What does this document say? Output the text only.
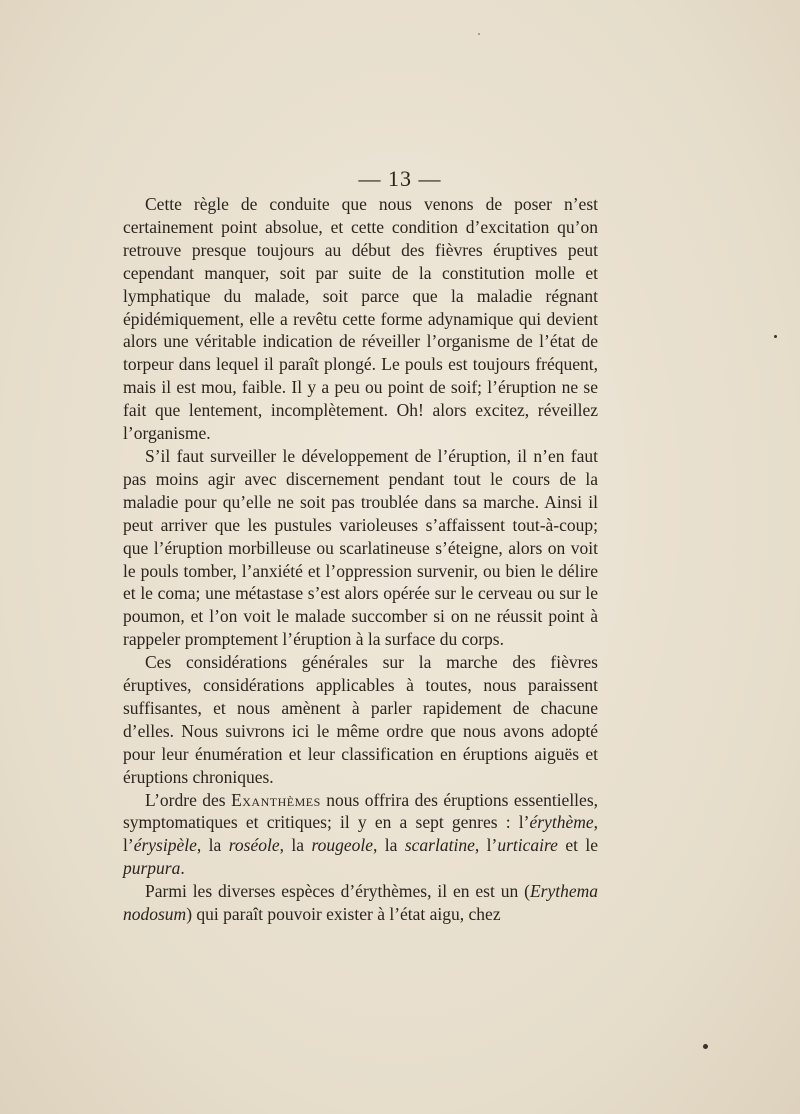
— 13 —

Cette règle de conduite que nous venons de poser n’est certainement point absolue, et cette condition d’excitation qu’on retrouve presque toujours au début des fièvres éruptives peut cependant manquer, soit par suite de la constitution molle et lymphatique du malade, soit parce que la maladie régnant épidémiquement, elle a revêtu cette forme adynamique qui devient alors une véritable indication de réveiller l’organisme de l’état de torpeur dans lequel il paraît plongé. Le pouls est toujours fréquent, mais il est mou, faible. Il y a peu ou point de soif; l’éruption ne se fait que lentement, incomplètement. Oh! alors excitez, réveillez l’organisme.

S’il faut surveiller le développement de l’éruption, il n’en faut pas moins agir avec discernement pendant tout le cours de la maladie pour qu’elle ne soit pas troublée dans sa marche. Ainsi il peut arriver que les pustules varioleuses s’affaissent tout-à-coup; que l’éruption morbilleuse ou scarlatineuse s’éteigne, alors on voit le pouls tomber, l’anxiété et l’oppression survenir, ou bien le délire et le coma; une métastase s’est alors opérée sur le cerveau ou sur le poumon, et l’on voit le malade succomber si on ne réussit point à rappeler promptement l’éruption à la surface du corps.

Ces considérations générales sur la marche des fièvres éruptives, considérations applicables à toutes, nous paraissent suffisantes, et nous amènent à parler rapidement de chacune d’elles. Nous suivrons ici le même ordre que nous avons adopté pour leur énumération et leur classification en éruptions aiguës et éruptions chroniques.

L’ordre des Exanthèmes nous offrira des éruptions essentielles, symptomatiques et critiques; il y en a sept genres : l’érythème, l’érysipèle, la roséole, la rougeole, la scarlatine, l’urticaire et le purpura.

Parmi les diverses espèces d’érythèmes, il en est un (Erythema nodosum) qui paraît pouvoir exister à l’état aigu, chez
